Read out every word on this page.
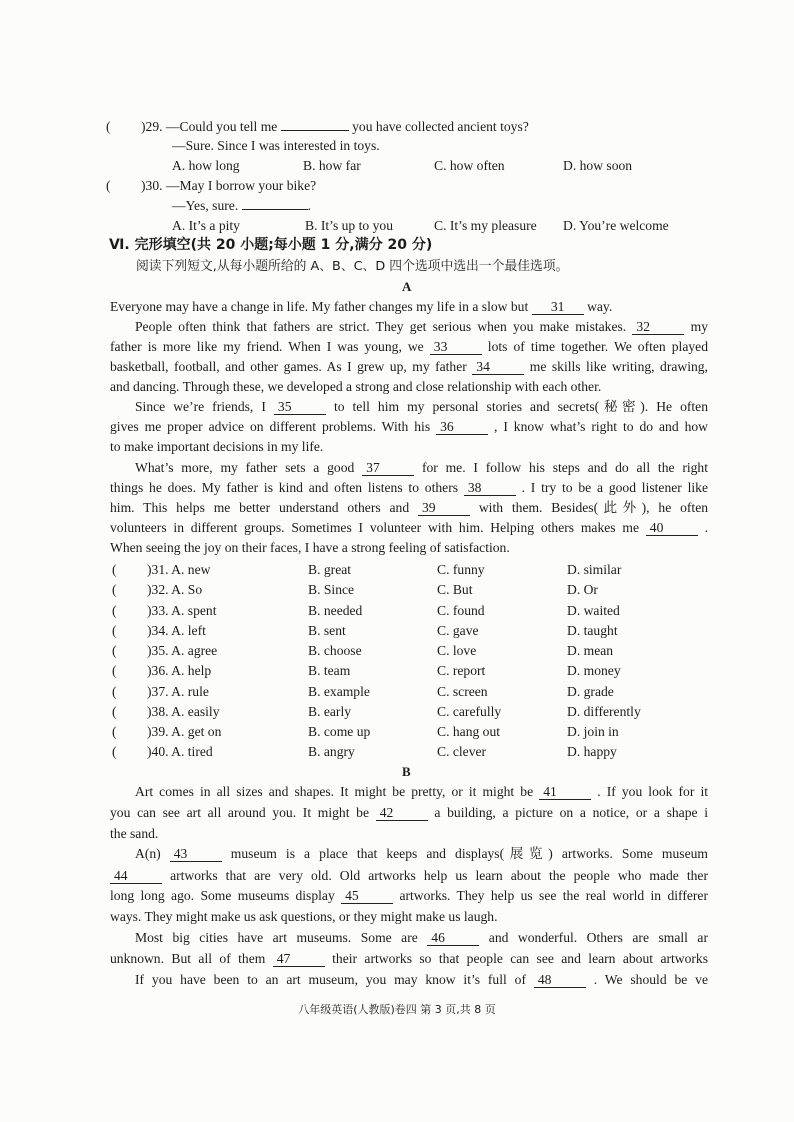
( )29. —Could you tell me	you have collected ancient toys?
—Sure. Since I was interested in toys.
A. how long	B. how far	C. how often	D. how soon
( )30. —May I borrow your bike?
—Yes, sure.	.
A. It’s a pity	B. It’s up to you	C. It’s my pleasure D. You’re welcome
Ⅵ. 完形填空(共 20 小题;每小题 1 分,满分 20 分)
阅读下列短文,从每小题所给的 A、B、C、D 四个选项中选出一个最佳选项。
A
Everyone may have a change in life. My father changes my life in a slow but 31 way.
People often think that fathers are strict. They get serious when you make mistakes. 32	my
father is more like my friend. When I was young, we 33	lots of time together. We often played
basketball, football, and other games. As I grew up, my father 34	me skills like writing, drawing,
and dancing. Through these, we developed a strong and close relationship with each other.
Since we’re friends, I 35	to tell him my personal stories and secrets(秘密). He often
gives me proper advice on different problems. With his 36	, I know what’s right to do and how
to make important decisions in my life.
What’s more, my father sets a good 37	for me. I follow his steps and do all the right
things he does. My father is kind and often listens to others 38	. I try to be a good listener like
him. This helps me better understand others and 39	with them. Besides(此外), he often
volunteers in different groups. Sometimes I volunteer with him. Helping others makes me 40	.
When seeing the joy on their faces, I have a strong feeling of satisfaction.
( )31. A. new	B. great	C. funny	D. similar
( )32. A. So	B. Since	C. But	D. Or
( )33. A. spent	B. needed	C. found	D. waited
( )34. A. left	B. sent	C. gave	D. taught
( )35. A. agree	B. choose	C. love	D. mean
( )36. A. help	B. team	C. report	D. money
( )37. A. rule	B. example	C. screen	D. grade
( )38. A. easily	B. early	C. carefully	D. differently
( )39. A. get on	B. come up	C. hang out	D. join in
( )40. A. tired	B. angry	C. clever	D. happy
B
Art comes in all sizes and shapes. It might be pretty, or it might be 41	. If you look for it
you can see art all around you. It might be 42	a building, a picture on a notice, or a shape i
the sand.
A(n) 43	museum is a place that keeps and displays(展览) artworks. Some museum
44	artworks that are very old. Old artworks help us learn about the people who made ther
long long ago. Some museums display 45	artworks. They help us see the real world in differer
ways. They might make us ask questions, or they might make us laugh.
Most big cities have art museums. Some are 46	and wonderful. Others are small ar
unknown. But all of them 47	their artworks so that people can see and learn about artworks
If you have been to an art museum, you may know it’s full of 48	. We should be ve
八年级英语(人教版)卷四 第 3 页,共 8 页
